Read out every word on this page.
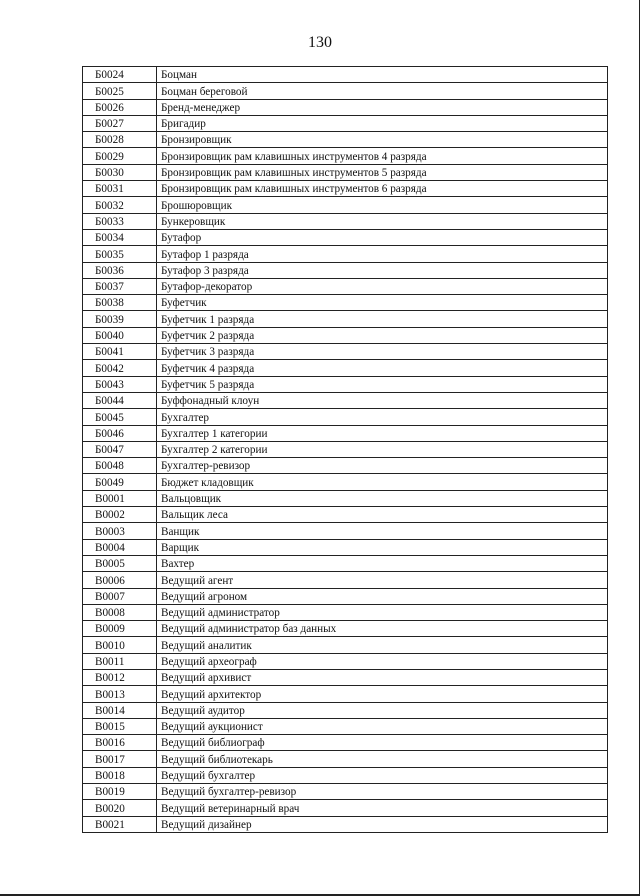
130
Б0024	Боцман
Б0025	Боцман береговой
Б0026	Бренд-менеджер
Б0027	Бригадир
Б0028	Бронзировщик
Б0029	Бронзировщик рам клавишных инструментов 4 разряда
Б0030	Бронзировщик рам клавишных инструментов 5 разряда
Б0031	Бронзировщик рам клавишных инструментов 6 разряда
Б0032	Брошюровщик
Б0033	Бункеровщик
Б0034	Бутафор
Б0035	Бутафор 1 разряда
Б0036	Бутафор 3 разряда
Б0037	Бутафор-декоратор
Б0038	Буфетчик
Б0039	Буфетчик 1 разряда
Б0040	Буфетчик 2 разряда
Б0041	Буфетчик 3 разряда
Б0042	Буфетчик 4 разряда
Б0043	Буфетчик 5 разряда
Б0044	Буффонадный клоун
Б0045	Бухгалтер
Б0046	Бухгалтер 1 категории
Б0047	Бухгалтер 2 категории
Б0048	Бухгалтер-ревизор
Б0049	Бюджет кладовщик
В0001	Вальцовщик
В0002	Вальщик леса
В0003	Ванщик
В0004	Варщик
В0005	Вахтер
В0006	Ведущий агент
В0007	Ведущий агроном
В0008	Ведущий администратор
В0009	Ведущий администратор баз данных
В0010	Ведущий аналитик
В0011	Ведущий археограф
В0012	Ведущий архивист
В0013	Ведущий архитектор
В0014	Ведущий аудитор
В0015	Ведущий аукционист
В0016	Ведущий библиограф
В0017	Ведущий библиотекарь
В0018	Ведущий бухгалтер
В0019	Ведущий бухгалтер-ревизор
В0020	Ведущий ветеринарный врач
В0021	Ведущий дизайнер
